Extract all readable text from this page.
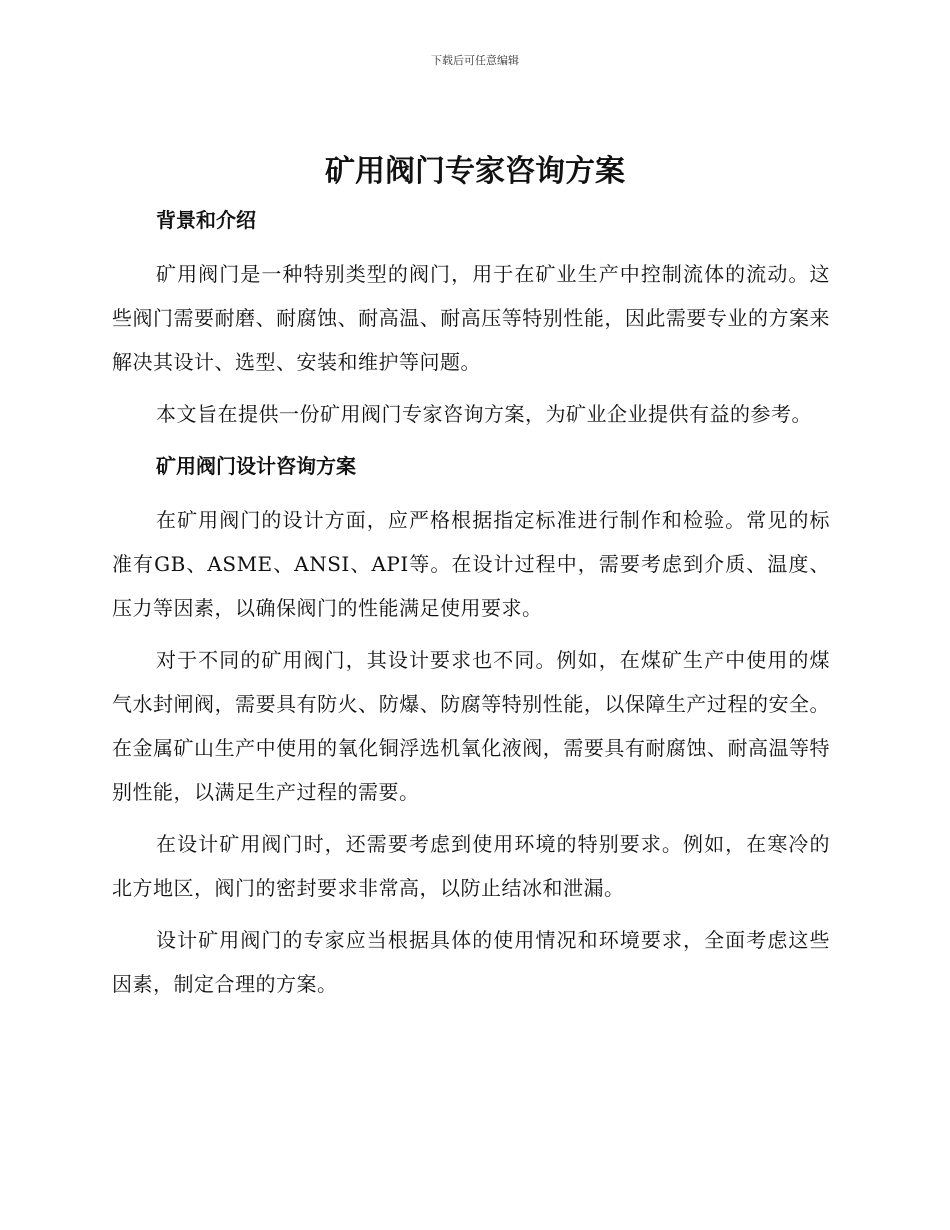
下载后可任意编辑
矿用阀门专家咨询方案
背景和介绍

矿用阀门是一种特别类型的阀门，用于在矿业生产中控制流体的流动。这些阀门需要耐磨、耐腐蚀、耐高温、耐高压等特别性能，因此需要专业的方案来解决其设计、选型、安装和维护等问题。

本文旨在提供一份矿用阀门专家咨询方案，为矿业企业提供有益的参考。

矿用阀门设计咨询方案

在矿用阀门的设计方面，应严格根据指定标准进行制作和检验。常见的标准有GB、ASME、ANSI、API等。在设计过程中，需要考虑到介质、温度、压力等因素，以确保阀门的性能满足使用要求。

对于不同的矿用阀门，其设计要求也不同。例如，在煤矿生产中使用的煤气水封闸阀，需要具有防火、防爆、防腐等特别性能，以保障生产过程的安全。在金属矿山生产中使用的氧化铜浮选机氧化液阀，需要具有耐腐蚀、耐高温等特别性能，以满足生产过程的需要。

在设计矿用阀门时，还需要考虑到使用环境的特别要求。例如，在寒冷的北方地区，阀门的密封要求非常高，以防止结冰和泄漏。

设计矿用阀门的专家应当根据具体的使用情况和环境要求，全面考虑这些因素，制定合理的方案。
